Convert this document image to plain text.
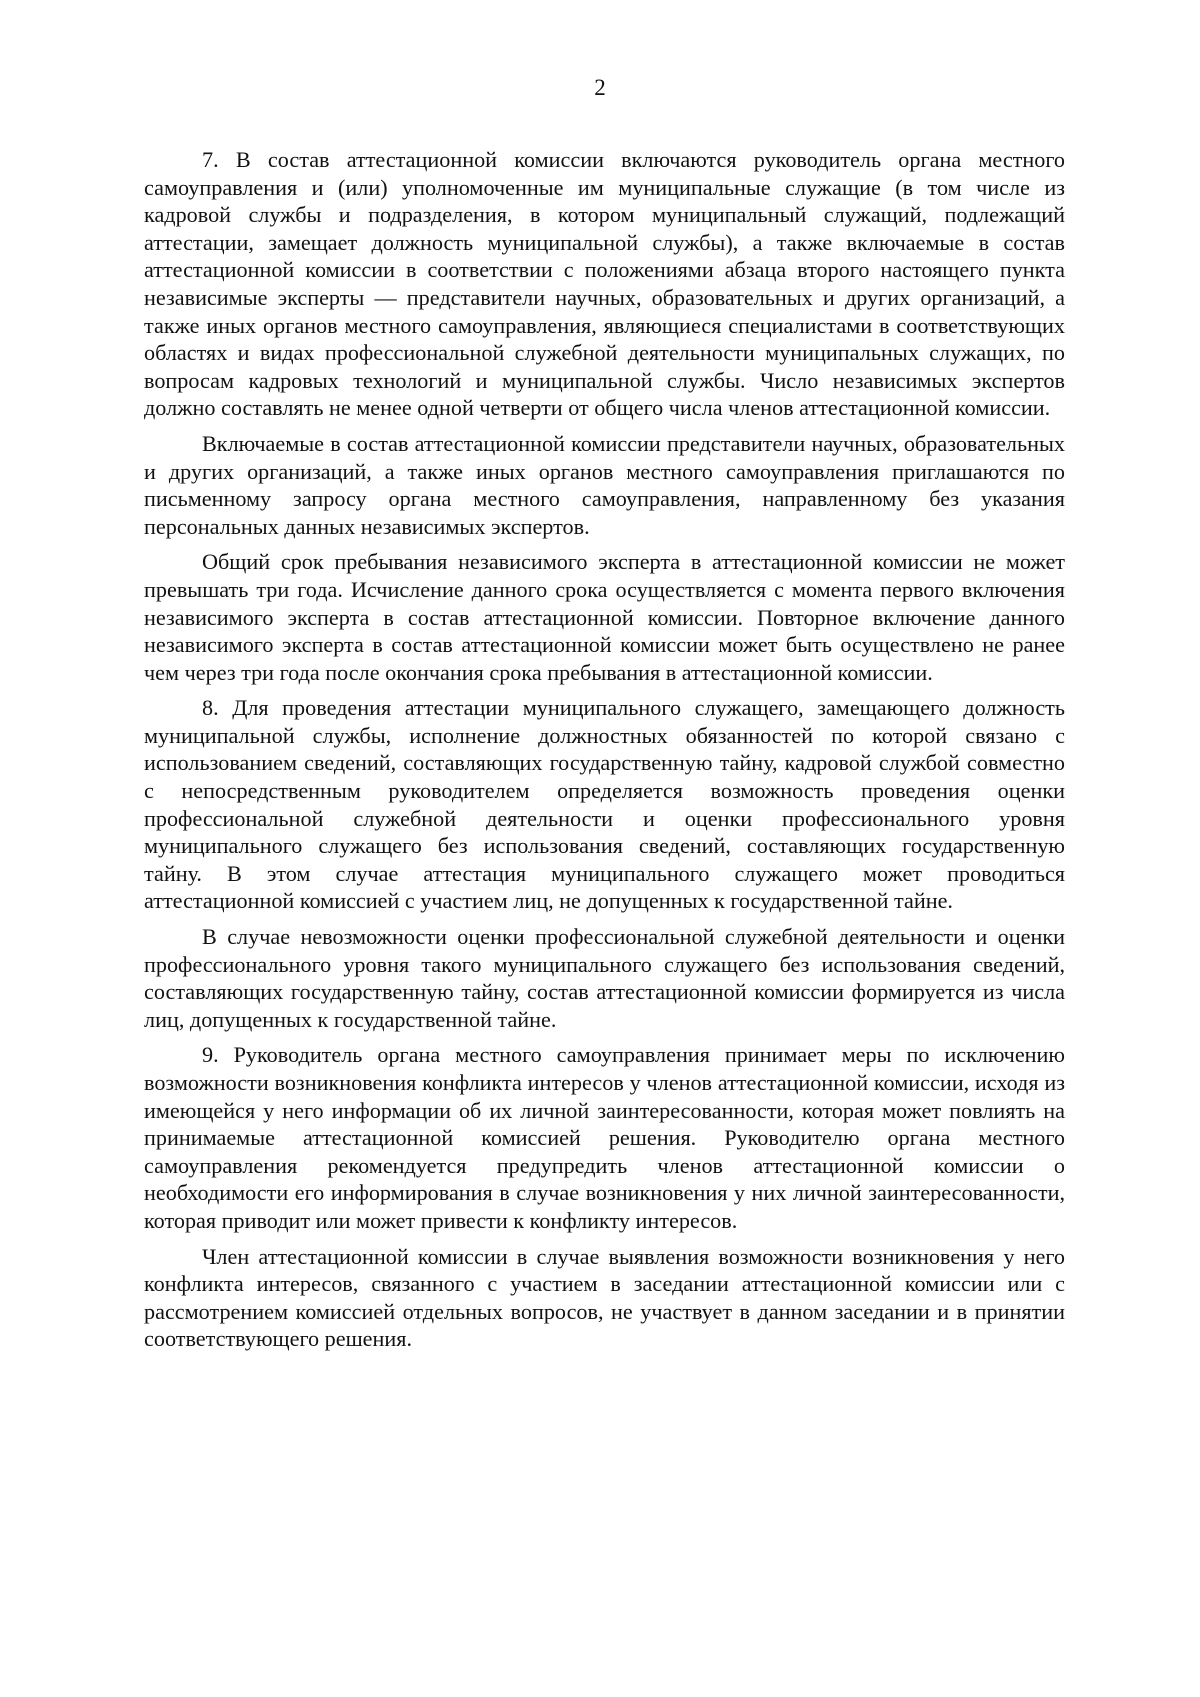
2

7. В состав аттестационной комиссии включаются руководитель органа местного самоуправления и (или) уполномоченные им муниципальные служащие (в том числе из кадровой службы и подразделения, в котором муниципальный служащий, подлежащий аттестации, замещает должность муниципальной службы), а также включаемые в состав аттестационной комиссии в соответствии с положениями абзаца второго настоящего пункта независимые эксперты — представители научных, образовательных и других организаций, а также иных органов местного самоуправления, являющиеся специалистами в соответствующих областях и видах профессиональной служебной деятельности муниципальных служащих, по вопросам кадровых технологий и муниципальной службы. Число независимых экспертов должно составлять не менее одной четверти от общего числа членов аттестационной комиссии.

Включаемые в состав аттестационной комиссии представители научных, образовательных и других организаций, а также иных органов местного самоуправления приглашаются по письменному запросу органа местного самоуправления, направленному без указания персональных данных независимых экспертов.

Общий срок пребывания независимого эксперта в аттестационной комиссии не может превышать три года. Исчисление данного срока осуществляется с момента первого включения независимого эксперта в состав аттестационной комиссии. Повторное включение данного независимого эксперта в состав аттестационной комиссии может быть осуществлено не ранее чем через три года после окончания срока пребывания в аттестационной комиссии.

8. Для проведения аттестации муниципального служащего, замещающего должность муниципальной службы, исполнение должностных обязанностей по которой связано с использованием сведений, составляющих государственную тайну, кадровой службой совместно с непосредственным руководителем определяется возможность проведения оценки профессиональной служебной деятельности и оценки профессионального уровня муниципального служащего без использования сведений, составляющих государственную тайну. В этом случае аттестация муниципального служащего может проводиться аттестационной комиссией с участием лиц, не допущенных к государственной тайне.

В случае невозможности оценки профессиональной служебной деятельности и оценки профессионального уровня такого муниципального служащего без использования сведений, составляющих государственную тайну, состав аттестационной комиссии формируется из числа лиц, допущенных к государственной тайне.

9. Руководитель органа местного самоуправления принимает меры по исключению возможности возникновения конфликта интересов у членов аттестационной комиссии, исходя из имеющейся у него информации об их личной заинтересованности, которая может повлиять на принимаемые аттестационной комиссией решения. Руководителю органа местного самоуправления рекомендуется предупредить членов аттестационной комиссии о необходимости его информирования в случае возникновения у них личной заинтересованности, которая приводит или может привести к конфликту интересов.

Член аттестационной комиссии в случае выявления возможности возникновения у него конфликта интересов, связанного с участием в заседании аттестационной комиссии или с рассмотрением комиссией отдельных вопросов, не участвует в данном заседании и в принятии соответствующего решения.
